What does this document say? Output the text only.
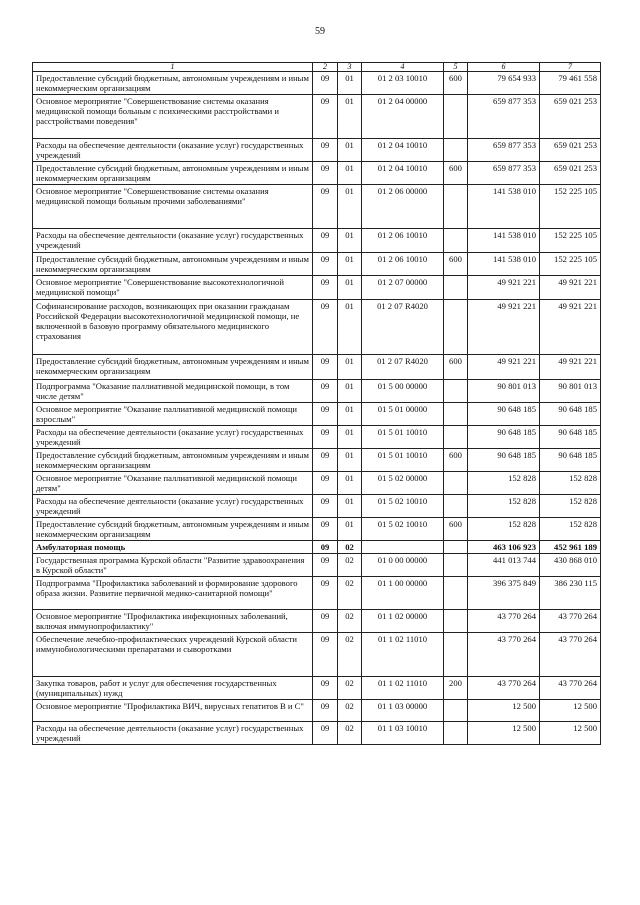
59
1	2	3	4	5	6	7
Предоставление субсидий бюджетным, автономным учреждениям и иным некоммерческим организациям	09	01	01 2 03 10010	600	79 654 933	79 461 558
Основное мероприятие "Совершенствование системы оказания медицинской помощи больным с психическими расстройствами и расстройствами поведения"	09	01	01 2 04 00000		659 877 353	659 021 253
Расходы на обеспечение деятельности (оказание услуг) государственных учреждений	09	01	01 2 04 10010		659 877 353	659 021 253
Предоставление субсидий бюджетным, автономным учреждениям и иным некоммерческим организациям	09	01	01 2 04 10010	600	659 877 353	659 021 253
Основное мероприятие "Совершенствование системы оказания медицинской помощи больным прочими заболеваниями"	09	01	01 2 06 00000		141 538 010	152 225 105
Расходы на обеспечение деятельности (оказание услуг) государственных учреждений	09	01	01 2 06 10010		141 538 010	152 225 105
Предоставление субсидий бюджетным, автономным учреждениям и иным некоммерческим организациям	09	01	01 2 06 10010	600	141 538 010	152 225 105
Основное мероприятие "Совершенствование высокотехнологичной медицинской помощи"	09	01	01 2 07 00000		49 921 221	49 921 221
Софинансирование расходов, возникающих при оказании гражданам Российской Федерации высокотехнологичной медицинской помощи, не включенной в базовую программу обязательного медицинского страхования	09	01	01 2 07 R4020		49 921 221	49 921 221
Предоставление субсидий бюджетным, автономным учреждениям и иным некоммерческим организациям	09	01	01 2 07 R4020	600	49 921 221	49 921 221
Подпрограмма "Оказание паллиативной медицинской помощи, в том числе детям"	09	01	01 5 00 00000		90 801 013	90 801 013
Основное мероприятие "Оказание паллиативной медицинской помощи взрослым"	09	01	01 5 01 00000		90 648 185	90 648 185
Расходы на обеспечение деятельности (оказание услуг) государственных учреждений	09	01	01 5 01 10010		90 648 185	90 648 185
Предоставление субсидий бюджетным, автономным учреждениям и иным некоммерческим организациям	09	01	01 5 01 10010	600	90 648 185	90 648 185
Основное мероприятие "Оказание паллиативной медицинской помощи детям"	09	01	01 5 02 00000		152 828	152 828
Расходы на обеспечение деятельности (оказание услуг) государственных учреждений	09	01	01 5 02 10010		152 828	152 828
Предоставление субсидий бюджетным, автономным учреждениям и иным некоммерческим организациям	09	01	01 5 02 10010	600	152 828	152 828
Амбулаторная помощь	09	02			463 106 923	452 961 189
Государственная программа Курской области "Развитие здравоохранения в Курской области"	09	02	01 0 00 00000		441 013 744	430 868 010
Подпрограмма "Профилактика заболеваний и формирование здорового образа жизни. Развитие первичной медико-санитарной помощи"	09	02	01 1 00 00000		396 375 849	386 230 115
Основное мероприятие "Профилактика инфекционных заболеваний, включая иммунопрофилактику"	09	02	01 1 02 00000		43 770 264	43 770 264
Обеспечение лечебно-профилактических учреждений Курской области иммунобиологическими препаратами и сыворотками	09	02	01 1 02 11010		43 770 264	43 770 264
Закупка товаров, работ и услуг для обеспечения государственных (муниципальных) нужд	09	02	01 1 02 11010	200	43 770 264	43 770 264
Основное мероприятие "Профилактика ВИЧ, вирусных гепатитов В и С"	09	02	01 1 03 00000		12 500	12 500
Расходы на обеспечение деятельности (оказание услуг) государственных учреждений	09	02	01 1 03 10010		12 500	12 500
